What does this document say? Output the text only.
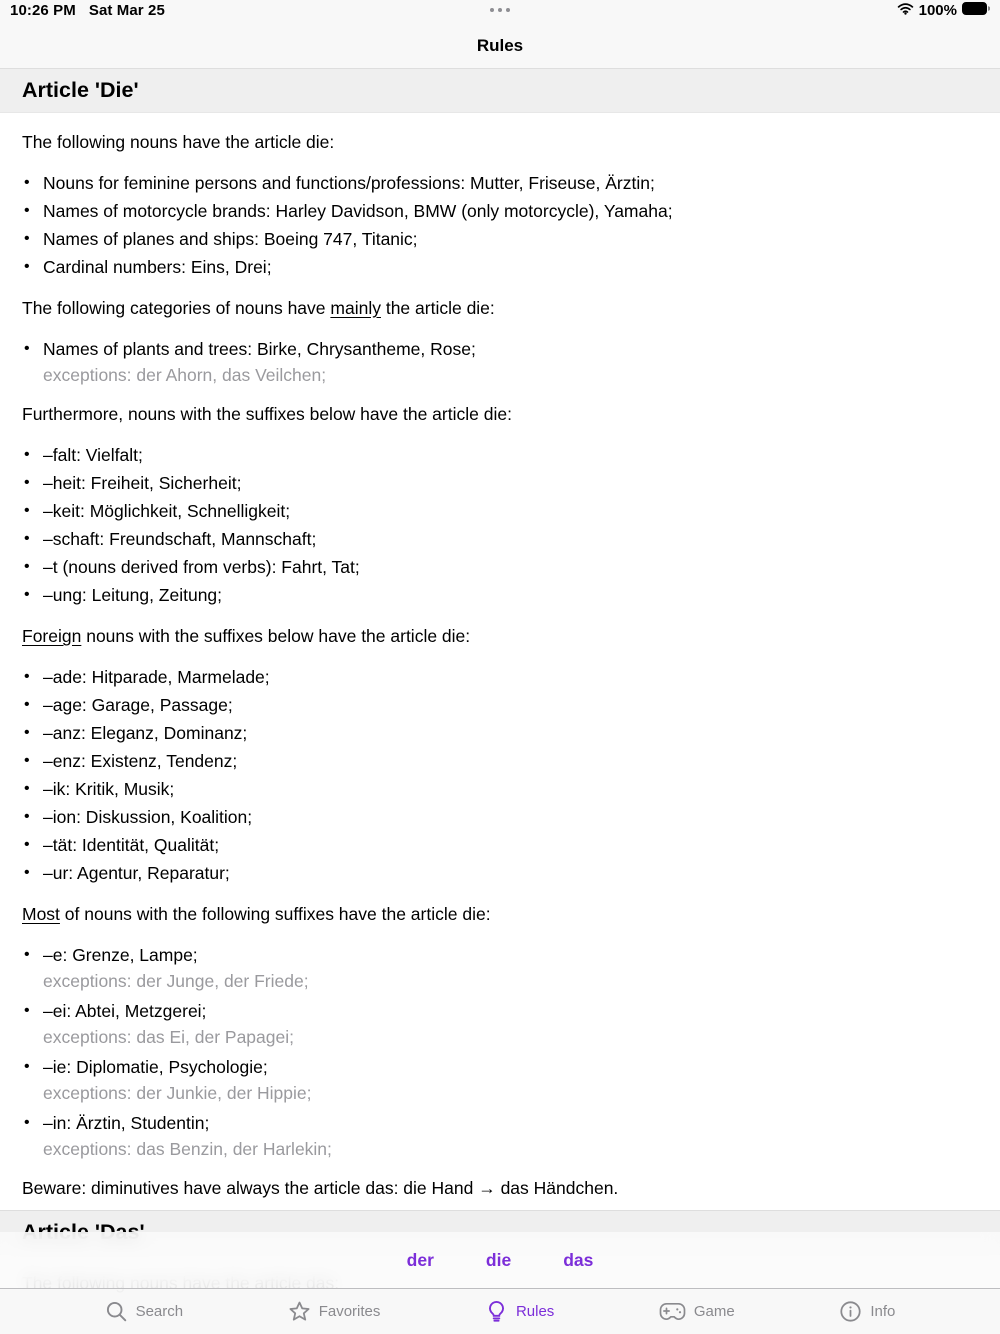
10:26 PM Sat Mar 25	100%
Rules
Article 'Die'

The following nouns have the article die:

• Nouns for feminine persons and functions/professions: Mutter, Friseuse, Ärztin;
• Names of motorcycle brands: Harley Davidson, BMW (only motorcycle), Yamaha;
• Names of planes and ships: Boeing 747, Titanic;
• Cardinal numbers: Eins, Drei;

The following categories of nouns have mainly the article die:

• Names of plants and trees: Birke, Chrysantheme, Rose;
exceptions: der Ahorn, das Veilchen;

Furthermore, nouns with the suffixes below have the article die:

• –falt: Vielfalt;
• –heit: Freiheit, Sicherheit;
• –keit: Möglichkeit, Schnelligkeit;
• –schaft: Freundschaft, Mannschaft;
• –t (nouns derived from verbs): Fahrt, Tat;
• –ung: Leitung, Zeitung;

Foreign nouns with the suffixes below have the article die:

• –ade: Hitparade, Marmelade;
• –age: Garage, Passage;
• –anz: Eleganz, Dominanz;
• –enz: Existenz, Tendenz;
• –ik: Kritik, Musik;
• –ion: Diskussion, Koalition;
• –tät: Identität, Qualität;
• –ur: Agentur, Reparatur;

Most of nouns with the following suffixes have the article die:

• –e: Grenze, Lampe;
exceptions: der Junge, der Friede;
• –ei: Abtei, Metzgerei;
exceptions: das Ei, der Papagei;
• –ie: Diplomatie, Psychologie;
exceptions: der Junkie, der Hippie;
• –in: Ärztin, Studentin;
exceptions: das Benzin, der Harlekin;

Beware: diminutives have always the article das: die Hand → das Händchen.

der	die	das
Search	Favorites	Rules	Game	Info
